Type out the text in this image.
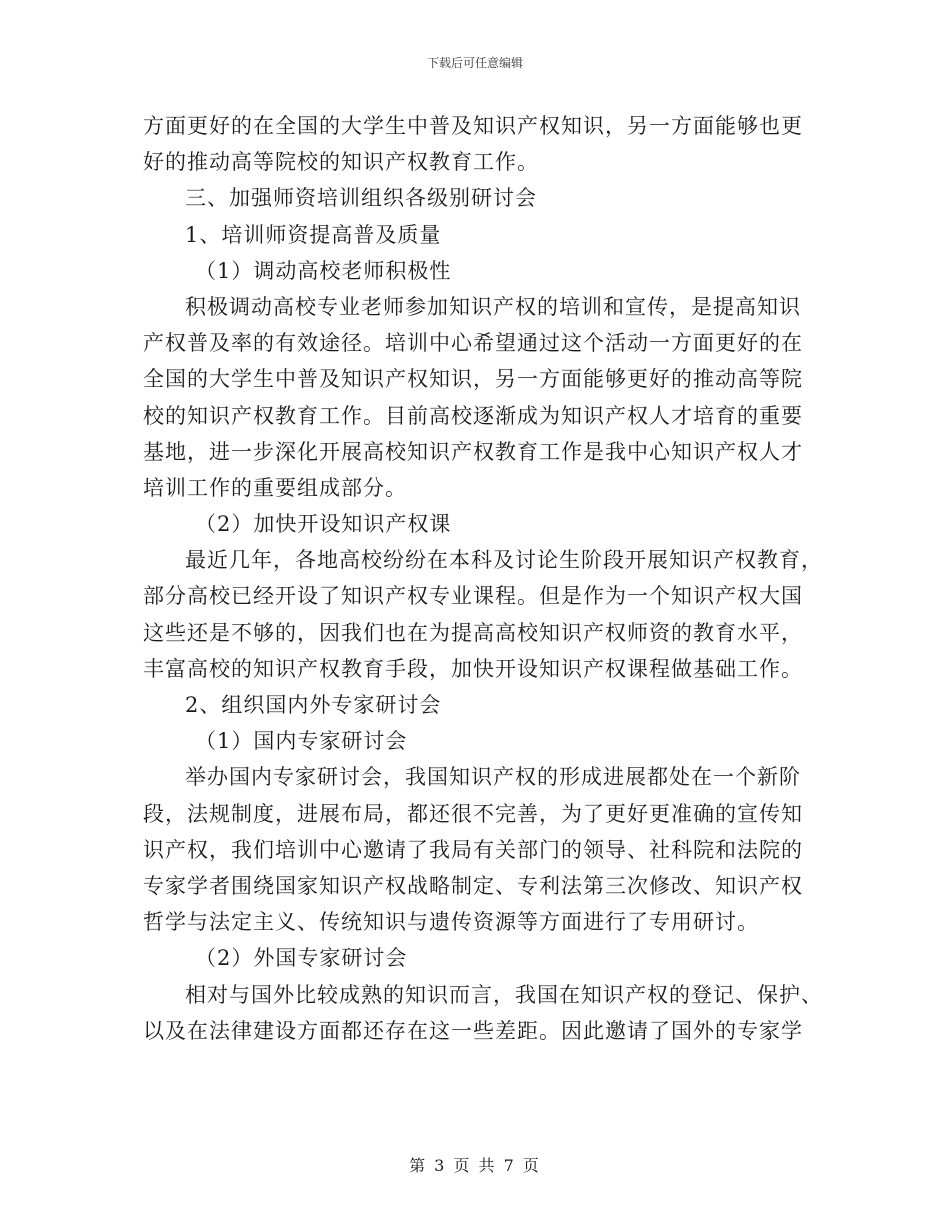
下载后可任意编辑

方面更好的在全国的大学生中普及知识产权知识，另一方面能够也更

好的推动高等院校的知识产权教育工作。

三、加强师资培训组织各级别研讨会

1、培训师资提高普及质量

（1）调动高校老师积极性

积极调动高校专业老师参加知识产权的培训和宣传，是提高知识

产权普及率的有效途径。培训中心希望通过这个活动一方面更好的在

全国的大学生中普及知识产权知识，另一方面能够更好的推动高等院

校的知识产权教育工作。目前高校逐渐成为知识产权人才培育的重要

基地，进一步深化开展高校知识产权教育工作是我中心知识产权人才

培训工作的重要组成部分。

（2）加快开设知识产权课

最近几年，各地高校纷纷在本科及讨论生阶段开展知识产权教育，

部分高校已经开设了知识产权专业课程。但是作为一个知识产权大国

这些还是不够的，因我们也在为提高高校知识产权师资的教育水平，

丰富高校的知识产权教育手段，加快开设知识产权课程做基础工作。

2、组织国内外专家研讨会

（1）国内专家研讨会

举办国内专家研讨会，我国知识产权的形成进展都处在一个新阶

段，法规制度，进展布局，都还很不完善，为了更好更准确的宣传知

识产权，我们培训中心邀请了我局有关部门的领导、社科院和法院的

专家学者围绕国家知识产权战略制定、专利法第三次修改、知识产权

哲学与法定主义、传统知识与遗传资源等方面进行了专用研讨。

（2）外国专家研讨会

相对与国外比较成熟的知识而言，我国在知识产权的登记、保护、

以及在法律建设方面都还存在这一些差距。因此邀请了国外的专家学

第 3 页 共 7 页
